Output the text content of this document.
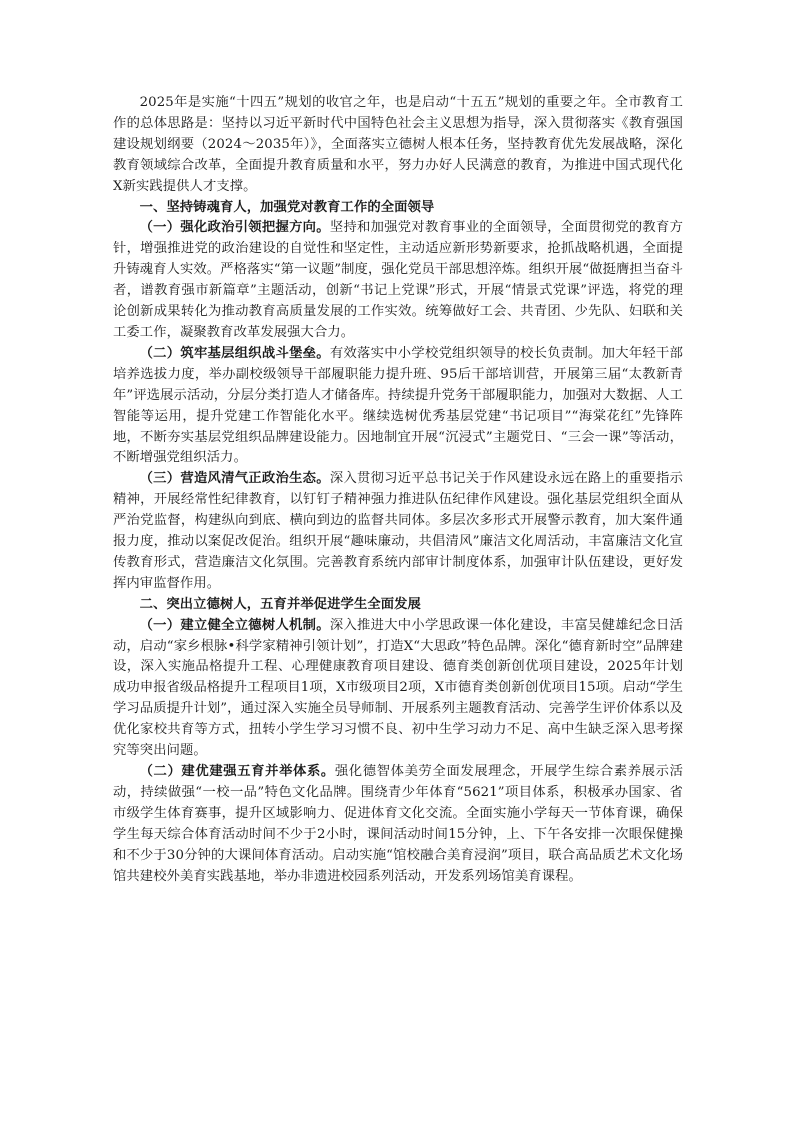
2025年是实施“十四五”规划的收官之年，也是启动“十五五”规划的重要之年。全市教育工作的总体思路是：坚持以习近平新时代中国特色社会主义思想为指导，深入贯彻落实《教育强国建设规划纲要（2024～2035年）》，全面落实立德树人根本任务，坚持教育优先发展战略，深化教育领域综合改革，全面提升教育质量和水平，努力办好人民满意的教育，为推进中国式现代化X新实践提供人才支撑。

一、坚持铸魂育人，加强党对教育工作的全面领导

（一）强化政治引领把握方向。坚持和加强党对教育事业的全面领导，全面贯彻党的教育方针，增强推进党的政治建设的自觉性和坚定性，主动适应新形势新要求，抢抓战略机遇，全面提升铸魂育人实效。严格落实“第一议题”制度，强化党员干部思想淬炼。组织开展“做挺膺担当奋斗者，谱教育强市新篇章”主题活动，创新“书记上党课”形式，开展“情景式党课”评选，将党的理论创新成果转化为推动教育高质量发展的工作实效。统筹做好工会、共青团、少先队、妇联和关工委工作，凝聚教育改革发展强大合力。

（二）筑牢基层组织战斗堡垒。有效落实中小学校党组织领导的校长负责制。加大年轻干部培养选拔力度，举办副校级领导干部履职能力提升班、95后干部培训营，开展第三届“太教新青年”评选展示活动，分层分类打造人才储备库。持续提升党务干部履职能力，加强对大数据、人工智能等运用，提升党建工作智能化水平。继续选树优秀基层党建“书记项目”“海棠花红”先锋阵地，不断夯实基层党组织品牌建设能力。因地制宜开展“沉浸式”主题党日、“三会一课”等活动，不断增强党组织活力。

（三）营造风清气正政治生态。深入贯彻习近平总书记关于作风建设永远在路上的重要指示精神，开展经常性纪律教育，以钉钉子精神强力推进队伍纪律作风建设。强化基层党组织全面从严治党监督，构建纵向到底、横向到边的监督共同体。多层次多形式开展警示教育，加大案件通报力度，推动以案促改促治。组织开展“趣味廉动，共倡清风”廉洁文化周活动，丰富廉洁文化宣传教育形式，营造廉洁文化氛围。完善教育系统内部审计制度体系，加强审计队伍建设，更好发挥内审监督作用。

二、突出立德树人，五育并举促进学生全面发展

（一）建立健全立德树人机制。深入推进大中小学思政课一体化建设，丰富吴健雄纪念日活动，启动“家乡根脉•科学家精神引领计划”，打造X“大思政”特色品牌。深化“德育新时空”品牌建设，深入实施品格提升工程、心理健康教育项目建设、德育类创新创优项目建设，2025年计划成功申报省级品格提升工程项目1项，X市级项目2项，X市德育类创新创优项目15项。启动“学生学习品质提升计划”，通过深入实施全员导师制、开展系列主题教育活动、完善学生评价体系以及优化家校共育等方式，扭转小学生学习习惯不良、初中生学习动力不足、高中生缺乏深入思考探究等突出问题。

（二）建优建强五育并举体系。强化德智体美劳全面发展理念，开展学生综合素养展示活动，持续做强“一校一品”特色文化品牌。围绕青少年体育“5621”项目体系，积极承办国家、省市级学生体育赛事，提升区域影响力、促进体育文化交流。全面实施小学每天一节体育课，确保学生每天综合体育活动时间不少于2小时，课间活动时间15分钟，上、下午各安排一次眼保健操和不少于30分钟的大课间体育活动。启动实施“馆校融合美育浸润”项目，联合高品质艺术文化场馆共建校外美育实践基地，举办非遗进校园系列活动，开发系列场馆美育课程。
